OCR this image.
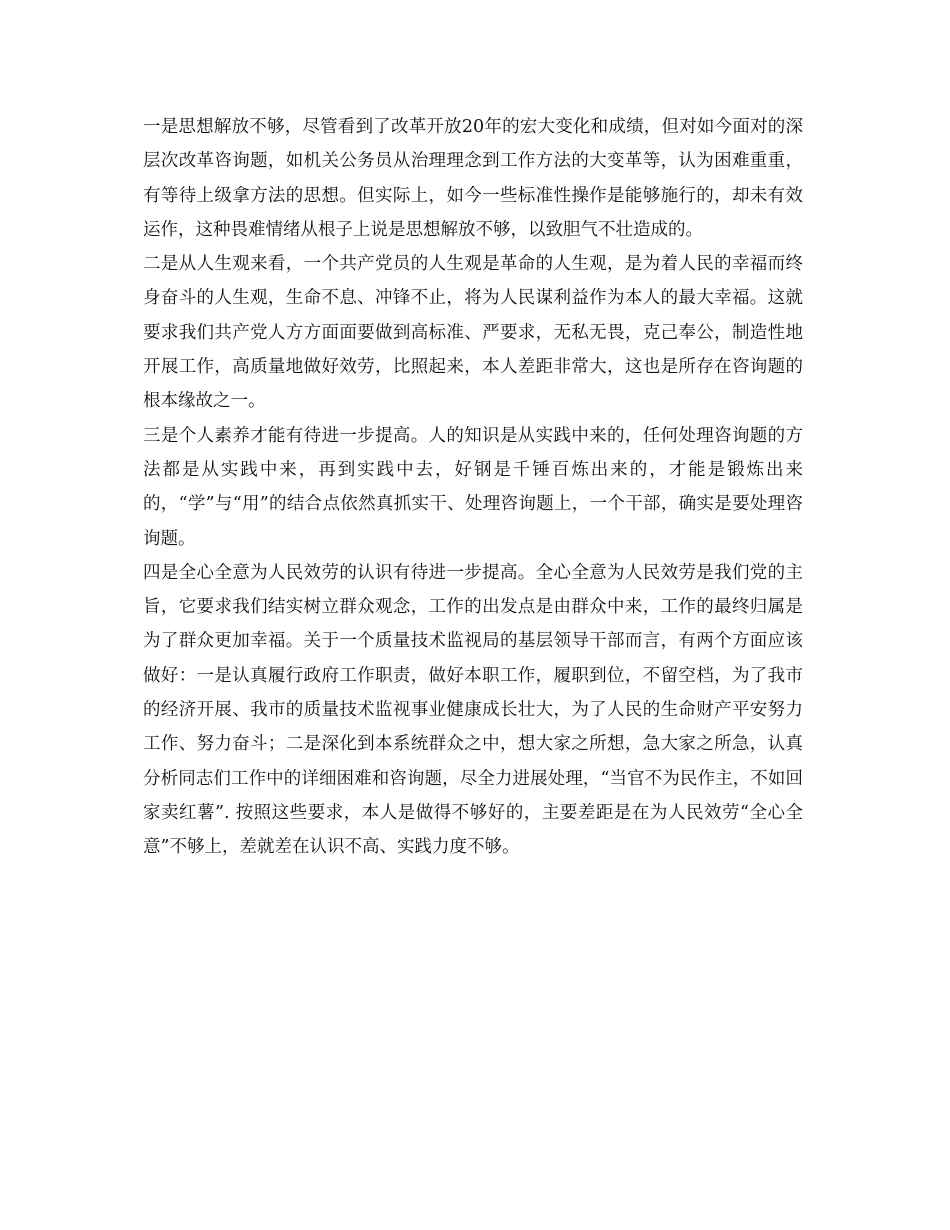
一是思想解放不够，尽管看到了改革开放20年的宏大变化和成绩，但对如今面对的深层次改革咨询题，如机关公务员从治理理念到工作方法的大变革等，认为困难重重，有等待上级拿方法的思想。但实际上，如今一些标准性操作是能够施行的，却未有效运作，这种畏难情绪从根子上说是思想解放不够，以致胆气不壮造成的。

二是从人生观来看，一个共产党员的人生观是革命的人生观，是为着人民的幸福而终身奋斗的人生观，生命不息、冲锋不止，将为人民谋利益作为本人的最大幸福。这就要求我们共产党人方方面面要做到高标准、严要求，无私无畏，克己奉公，制造性地开展工作，高质量地做好效劳，比照起来，本人差距非常大，这也是所存在咨询题的根本缘故之一。

三是个人素养才能有待进一步提高。人的知识是从实践中来的，任何处理咨询题的方法都是从实践中来，再到实践中去，好钢是千锤百炼出来的，才能是锻炼出来的，“学”与“用”的结合点依然真抓实干、处理咨询题上，一个干部，确实是要处理咨询题。

四是全心全意为人民效劳的认识有待进一步提高。全心全意为人民效劳是我们党的主旨，它要求我们结实树立群众观念，工作的出发点是由群众中来，工作的最终归属是为了群众更加幸福。关于一个质量技术监视局的基层领导干部而言，有两个方面应该做好：一是认真履行政府工作职责，做好本职工作，履职到位，不留空档，为了我市的经济开展、我市的质量技术监视事业健康成长壮大，为了人民的生命财产平安努力工作、努力奋斗；二是深化到本系统群众之中，想大家之所想，急大家之所急，认真分析同志们工作中的详细困难和咨询题，尽全力进展处理，“当官不为民作主，不如回家卖红薯”. 按照这些要求，本人是做得不够好的，主要差距是在为人民效劳“全心全意”不够上，差就差在认识不高、实践力度不够。
